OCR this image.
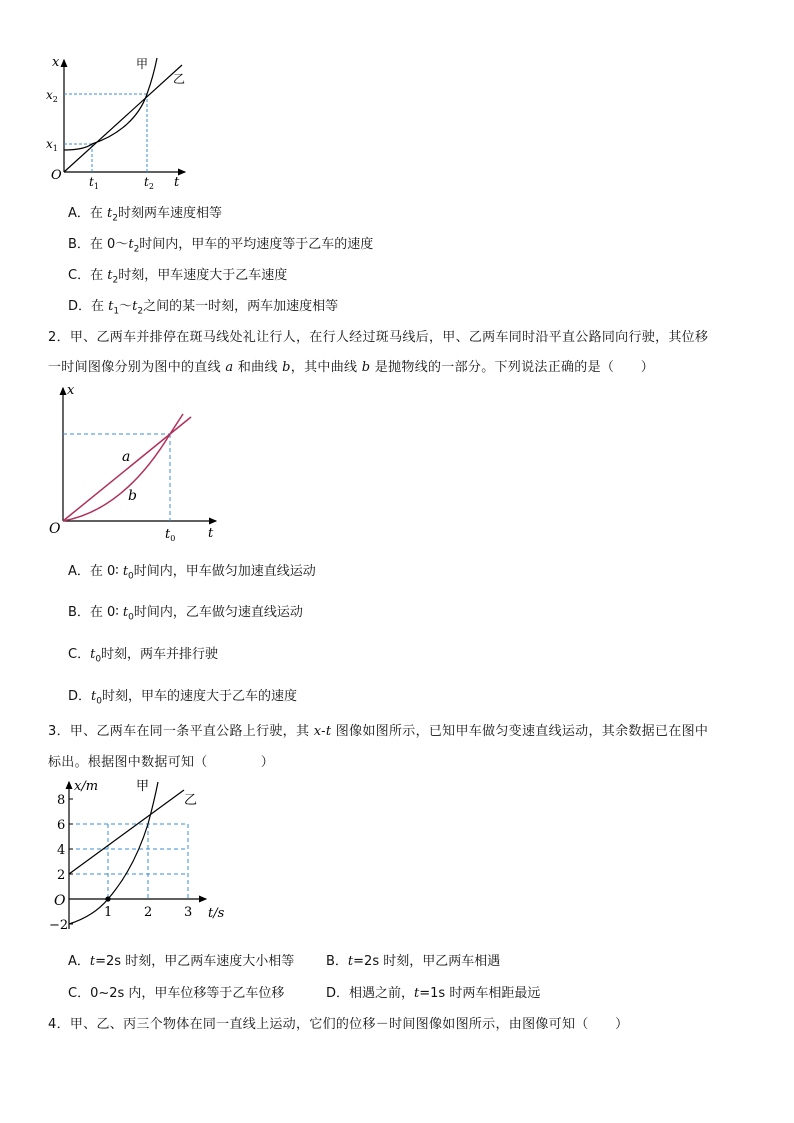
x
t
O
$x_2$
$x_1$
$t_1$	$t_2$
甲
乙
A．在 $t_2$时刻两车速度相等
B．在 $0\sim t_2$时间内，甲车的平均速度等于乙车的速度
C．在 $t_2$时刻，甲车速度大于乙车速度
D．在 $t_1\sim t_2$之间的某一时刻，两车加速度相等
2．甲、乙两车并排停在斑马线处礼让行人，在行人经过斑马线后，甲、乙两车同时沿平直公路同向行驶，其位移
一时间图像分别为图中的直线 a 和曲线 b，其中曲线 b 是抛物线的一部分。下列说法正确的是（　　）
x
t
O	$t_0$
a
b
A．在 0∶ $t_0$时间内，甲车做匀加速直线运动
B．在 0∶ $t_0$时间内，乙车做匀速直线运动
C．$t_0$时刻，两车并排行驶
D．$t_0$时刻，甲车的速度大于乙车的速度
3．甲、乙两车在同一条平直公路上行驶，其 x-t 图像如图所示，已知甲车做匀变速直线运动，其余数据已在图中
标出。根据图中数据可知（　　　　）
x/m
t/s
O
8
6
4
2
−2
1 2 3
甲
乙
A．t=2s 时刻，甲乙两车速度大小相等 B．t=2s 时刻，甲乙两车相遇
C．0~2s 内，甲车位移等于乙车位移	D．相遇之前，t=1s 时两车相距最远
4．甲、乙、丙三个物体在同一直线上运动，它们的位移－时间图像如图所示，由图像可知（　　）
